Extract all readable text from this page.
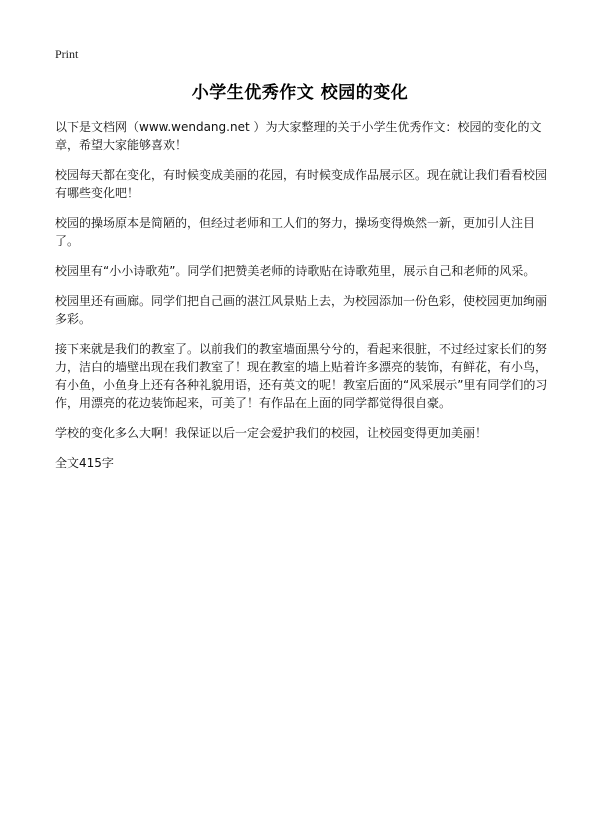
Print
小学生优秀作文 校园的变化

以下是文档网（www.wendang.net ）为大家整理的关于小学生优秀作文：校园的变化的文章，希望大家能够喜欢！

校园每天都在变化，有时候变成美丽的花园，有时候变成作品展示区。现在就让我们看看校园有哪些变化吧！

校园的操场原本是简陋的，但经过老师和工人们的努力，操场变得焕然一新，更加引人注目了。

校园里有“小小诗歌苑”。同学们把赞美老师的诗歌贴在诗歌苑里，展示自己和老师的风采。

校园里还有画廊。同学们把自己画的湛江风景贴上去，为校园添加一份色彩，使校园更加绚丽多彩。

接下来就是我们的教室了。以前我们的教室墙面黑兮兮的，看起来很脏，不过经过家长们的努力，洁白的墙壁出现在我们教室了！现在教室的墙上贴着许多漂亮的装饰，有鲜花，有小鸟，有小鱼，小鱼身上还有各种礼貌用语，还有英文的呢！教室后面的“风采展示”里有同学们的习作，用漂亮的花边装饰起来，可美了！有作品在上面的同学都觉得很自豪。

学校的变化多么大啊！我保证以后一定会爱护我们的校园，让校园变得更加美丽！

全文415字
